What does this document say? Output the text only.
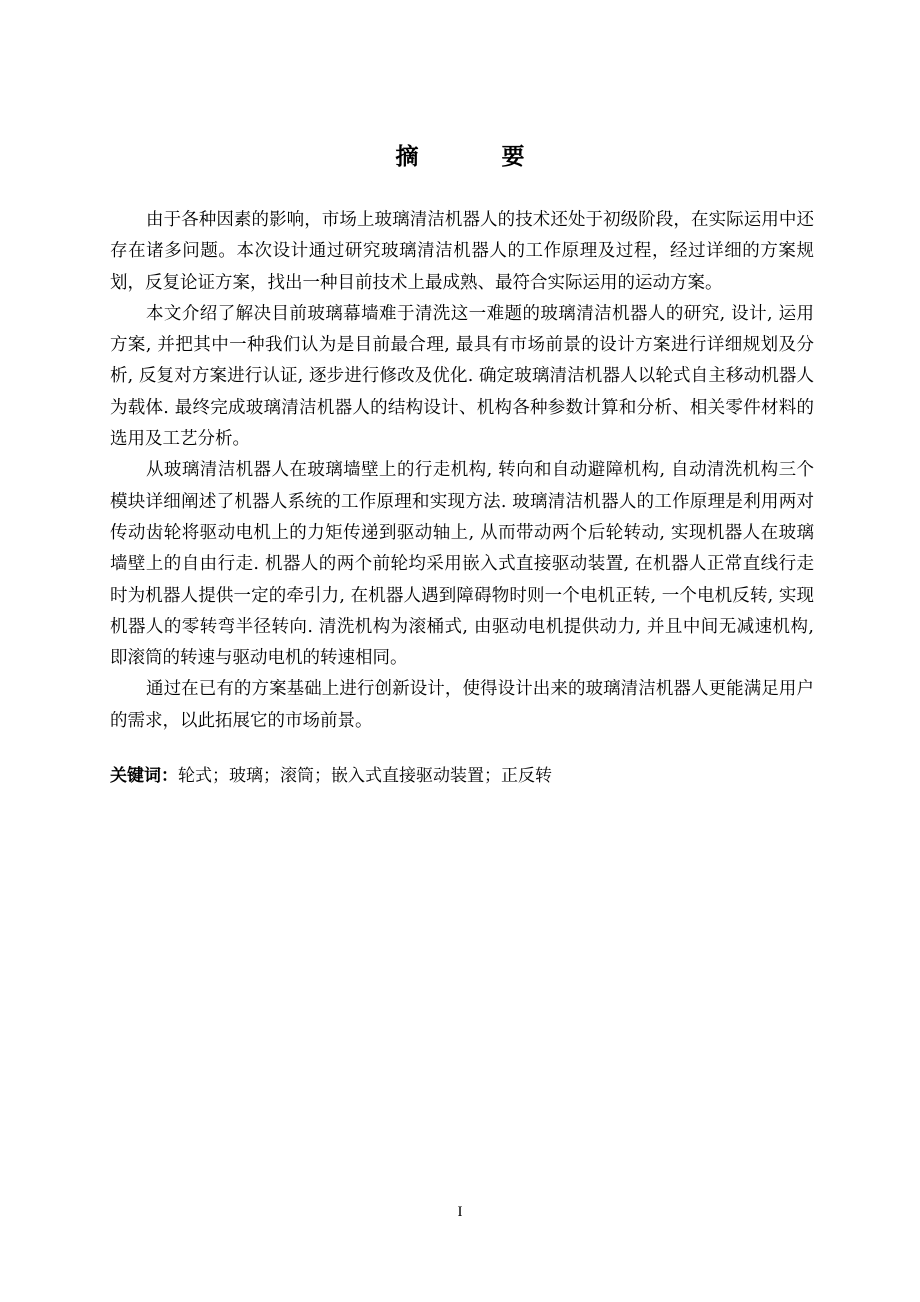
摘　要

由于各种因素的影响，市场上玻璃清洁机器人的技术还处于初级阶段，在实际运用中还存在诸多问题。本次设计通过研究玻璃清洁机器人的工作原理及过程，经过详细的方案规划，反复论证方案，找出一种目前技术上最成熟、最符合实际运用的运动方案。

本文介绍了解决目前玻璃幕墙难于清洗这一难题的玻璃清洁机器人的研究, 设计, 运用方案, 并把其中一种我们认为是目前最合理, 最具有市场前景的设计方案进行详细规划及分析, 反复对方案进行认证, 逐步进行修改及优化. 确定玻璃清洁机器人以轮式自主移动机器人为载体. 最终完成玻璃清洁机器人的结构设计、机构各种参数计算和分析、相关零件材料的选用及工艺分析。

从玻璃清洁机器人在玻璃墙壁上的行走机构, 转向和自动避障机构, 自动清洗机构三个模块详细阐述了机器人系统的工作原理和实现方法. 玻璃清洁机器人的工作原理是利用两对传动齿轮将驱动电机上的力矩传递到驱动轴上, 从而带动两个后轮转动, 实现机器人在玻璃墙壁上的自由行走. 机器人的两个前轮均采用嵌入式直接驱动装置, 在机器人正常直线行走时为机器人提供一定的牵引力, 在机器人遇到障碍物时则一个电机正转, 一个电机反转, 实现机器人的零转弯半径转向. 清洗机构为滚桶式, 由驱动电机提供动力, 并且中间无减速机构, 即滚筒的转速与驱动电机的转速相同。

通过在已有的方案基础上进行创新设计，使得设计出来的玻璃清洁机器人更能满足用户的需求，以此拓展它的市场前景。

关键词：轮式；玻璃；滚筒；嵌入式直接驱动装置；正反转
I
